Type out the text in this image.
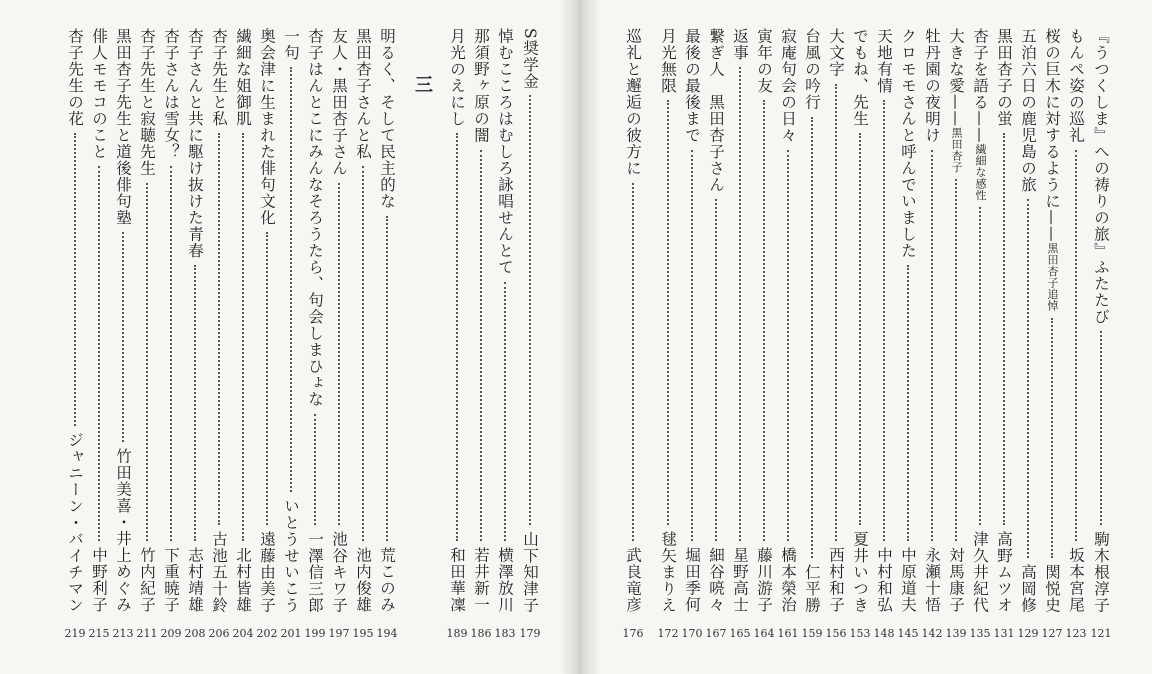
S奨学金
山下知津子
悼むこころはむしろ詠唱せんとて
横澤放川
那須野ヶ原の闇
若井新一
月光のえにし
和田華凜
三
明るく、そして民主的な
荒このみ
黒田杏子さんと私
池内俊雄
友人・黒田杏子さん
池谷キワ子
杏子はんとこにみんなそろうたら、句会しまひょな
一澤信三郎
一句
いとうせいこう
奥会津に生まれた俳句文化
遠藤由美子
繊細な姐御肌
北村皆雄
杏子先生と私
古池五十鈴
杏子さんと共に駆け抜けた青春
志村靖雄
杏子さんは雪女？
下重暁子
杏子先生と寂聴先生
竹内紀子
黒田杏子先生と道後俳句塾
竹田美喜・井上めぐみ
俳人モモコのこと
中野利子
杏子先生の花
ジャニーン・バイチマン
179
183
186
189
194
195
197
199
201
202
204
206
208
209
211
213
215
219
『うつくしま』への祷りの旅』ふたたび
駒木根淳子
もんぺ姿の巡礼
坂本宮尾
桜の巨木に対するように——黒田杏子追悼
関悦史
五泊六日の鹿児島の旅
高岡修
黒田杏子の蛍
高野ムツオ
杏子を語る——繊細な感性
津久井紀代
大きな愛——黒田杏子
対馬康子
牡丹園の夜明け
永瀬十悟
クロモモさんと呼んでいました
中原道夫
天地有情
中村和弘
でもね、先生
夏井いつき
大文字
西村和子
台風の吟行
仁平勝
寂庵句会の日々
橋本榮治
寅年の友
藤川游子
返事
星野高士
繋ぎ人　黒田杏子さん
細谷喨々
最後の最後まで
堀田季何
月光無限
毬矢まりえ
巡礼と邂逅の彼方に
武良竜彦
121
123
127
129
131
135
139
142
145
148
153
156
159
161
164
165
167
170
172
176
